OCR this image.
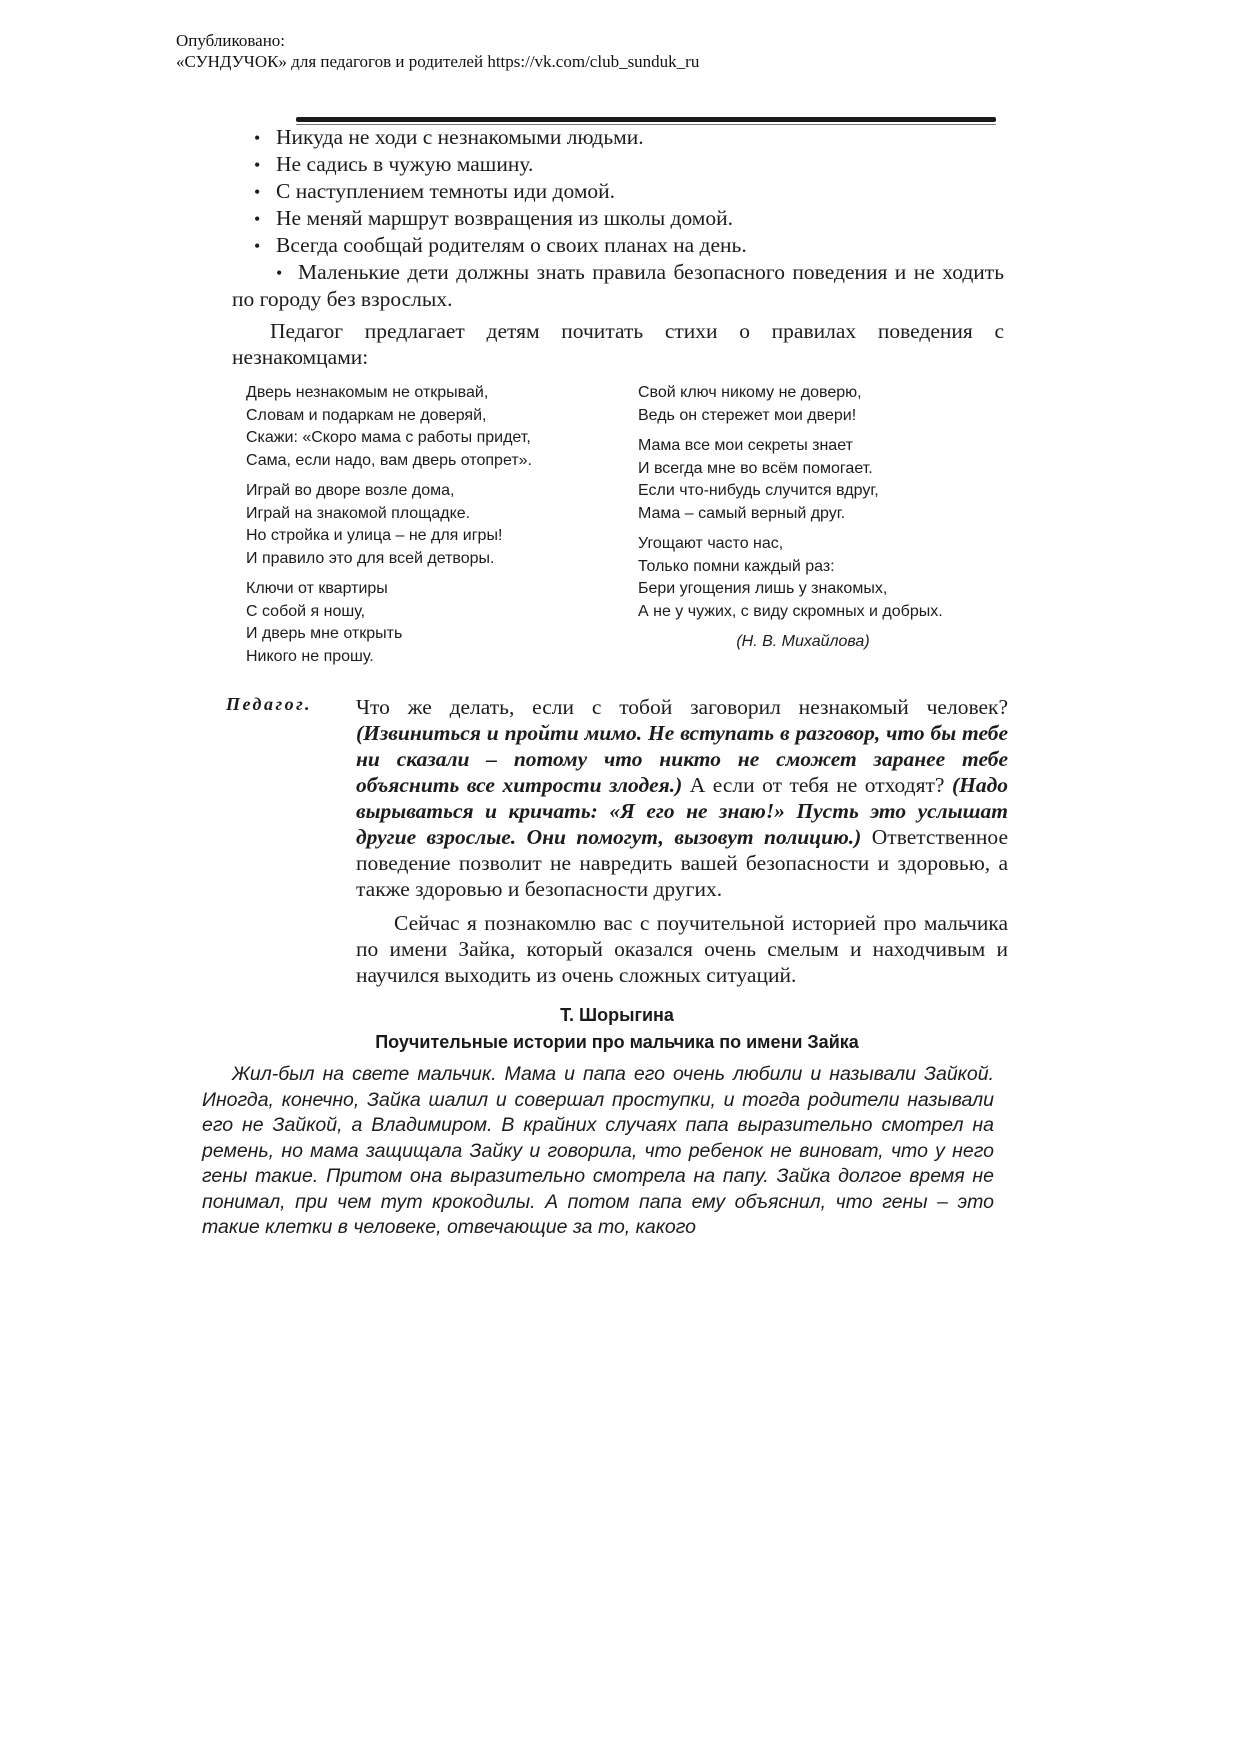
Опубликовано:
«СУНДУЧОК» для педагогов и родителей https://vk.com/club_sunduk_ru
• Никуда не ходи с незнакомыми людьми.
• Не садись в чужую машину.
• С наступлением темноты иди домой.
• Не меняй маршрут возвращения из школы домой.
• Всегда сообщай родителям о своих планах на день.
• Маленькие дети должны знать правила безопасного поведения и не ходить по городу без взрослых.
Педагог предлагает детям почитать стихи о правилах поведения с незнакомцами:
Дверь незнакомым не открывай,
Словам и подаркам не доверяй,
Скажи: «Скоро мама с работы придет,
Сама, если надо, вам дверь отопрет».
Играй во дворе возле дома,
Играй на знакомой площадке.
Но стройка и улица – не для игры!
И правило это для всей детворы.
Ключи от квартиры
С собой я ношу,
И дверь мне открыть
Никого не прошу.
Свой ключ никому не доверю,
Ведь он стережет мои двери!
Мама все мои секреты знает
И всегда мне во всём помогает.
Если что-нибудь случится вдруг,
Мама – самый верный друг.
Угощают часто нас,
Только помни каждый раз:
Бери угощения лишь у знакомых,
А не у чужих, с виду скромных и добрых.
(Н. В. Михайлова)
Педагог. Что же делать, если с тобой заговорил незнакомый человек? (Извиниться и пройти мимо. Не вступать в разговор, что бы тебе ни сказали – потому что никто не сможет заранее тебе объяснить все хитрости злодея.) А если от тебя не отходят? (Надо вырываться и кричать: «Я его не знаю!» Пусть это услышат другие взрослые. Они помогут, вызовут полицию.) Ответственное поведение позволит не навредить вашей безопасности и здоровью, а также здоровью и безопасности других.
Сейчас я познакомлю вас с поучительной историей про мальчика по имени Зайка, который оказался очень смелым и находчивым и научился выходить из очень сложных ситуаций.
Т. Шорыгина
Поучительные истории про мальчика по имени Зайка
Жил-был на свете мальчик. Мама и папа его очень любили и называли Зайкой. Иногда, конечно, Зайка шалил и совершал проступки, и тогда родители называли его не Зайкой, а Владимиром. В крайних случаях папа выразительно смотрел на ремень, но мама защищала Зайку и говорила, что ребенок не виноват, что у него гены такие. Притом она выразительно смотрела на папу. Зайка долгое время не понимал, при чем тут крокодилы. А потом папа ему объяснил, что гены – это такие клетки в человеке, отвечающие за то, какого
